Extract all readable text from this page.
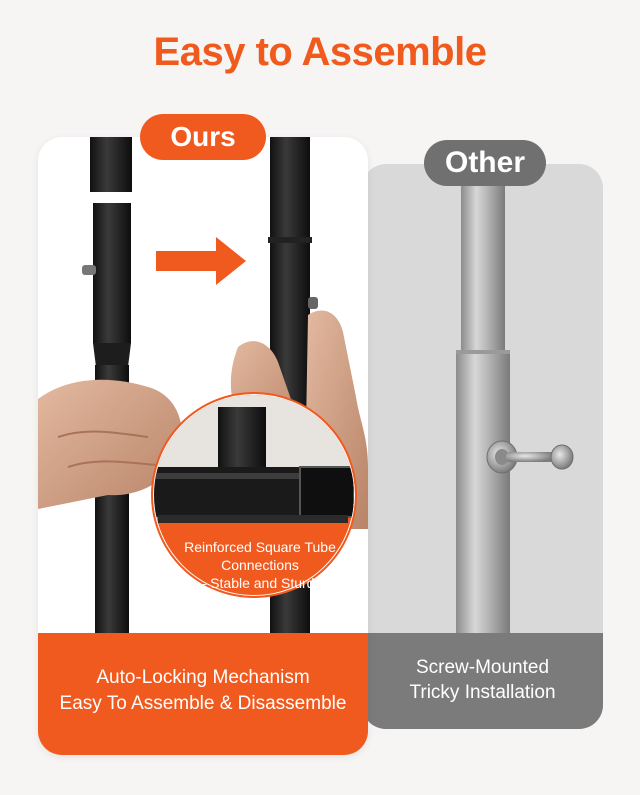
Easy to Assemble
Screw-Mounted
Tricky Installation
Other
Auto-Locking Mechanism
Easy To Assemble & Disassemble
Reinforced Square Tube
Connections
– Stable and Sturdy
Ours
